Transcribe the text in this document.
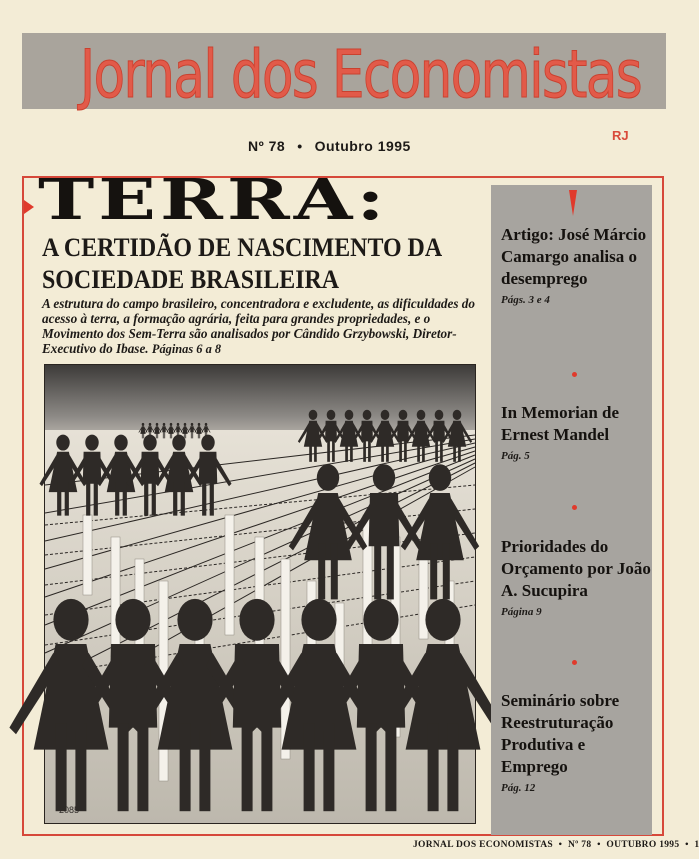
Jornal dos Economistas
RJ
Nº 78 • Outubro 1995
TERRA:
A CERTIDÃO DE NASCIMENTO DA SOCIEDADE BRASILEIRA
A estrutura do campo brasileiro, concentradora e excludente, as dificuldades do acesso à terra, a formação agrária, feita para grandes propriedades, e o Movimento dos Sem-Terra são analisados por Cândido Grzybowski, Diretor-Executivo do Ibase. Páginas 6 a 8
2085
Artigo: José Márcio Camargo analisa o desemprego
Págs. 3 e 4
In Memorian de Ernest Mandel
Pág. 5
Prioridades do Orçamento por João A. Sucupira
Página 9
Seminário sobre Reestruturação Produtiva e Emprego
Pág. 12
JORNAL DOS ECONOMISTAS • Nº 78 • OUTUBRO 1995 • 1
